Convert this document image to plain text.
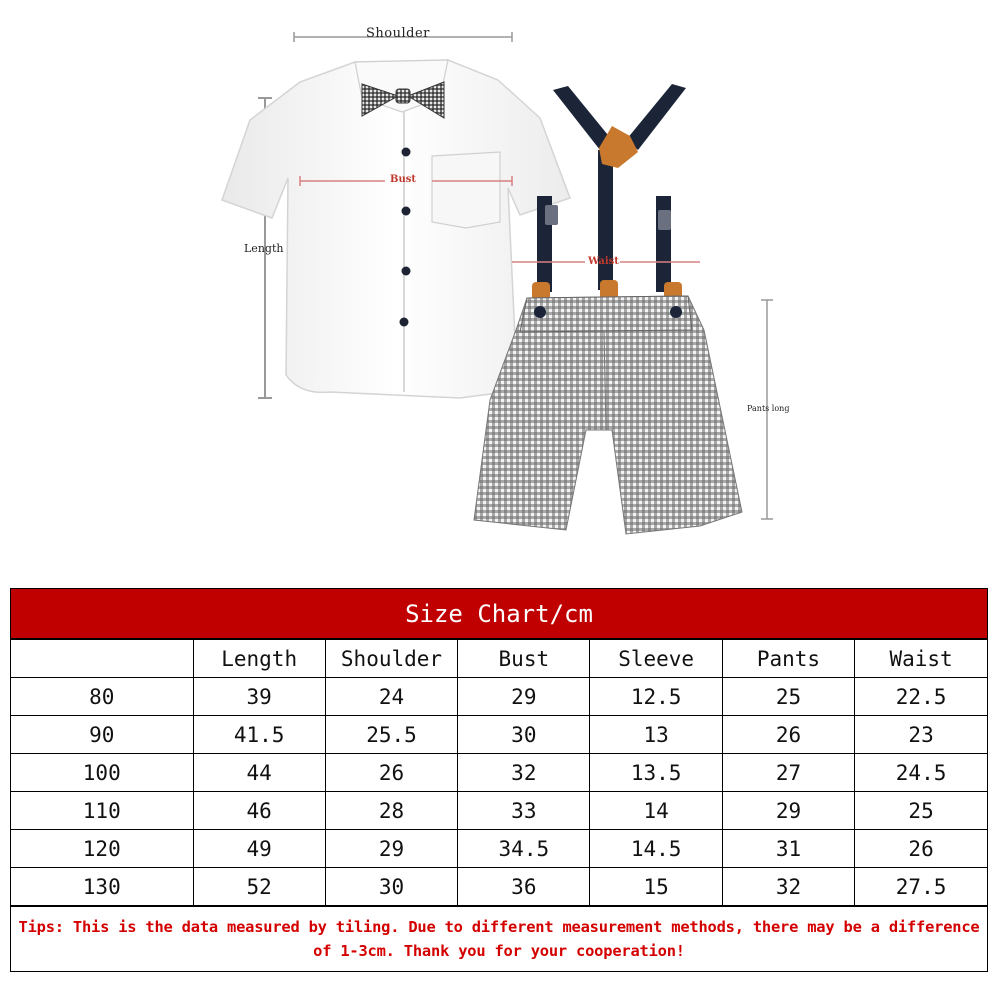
Shoulder
Length
Bust
Waist
Pants long
Size Chart/cm
	Length	Shoulder	Bust	Sleeve	Pants	Waist
80	39	24	29	12.5	25	22.5
90	41.5	25.5	30	13	26	23
100	44	26	32	13.5	27	24.5
110	46	28	33	14	29	25
120	49	29	34.5	14.5	31	26
130	52	30	36	15	32	27.5
Tips: This is the data measured by tiling. Due to different measurement methods, there may be a difference of 1-3cm. Thank you for your cooperation!
